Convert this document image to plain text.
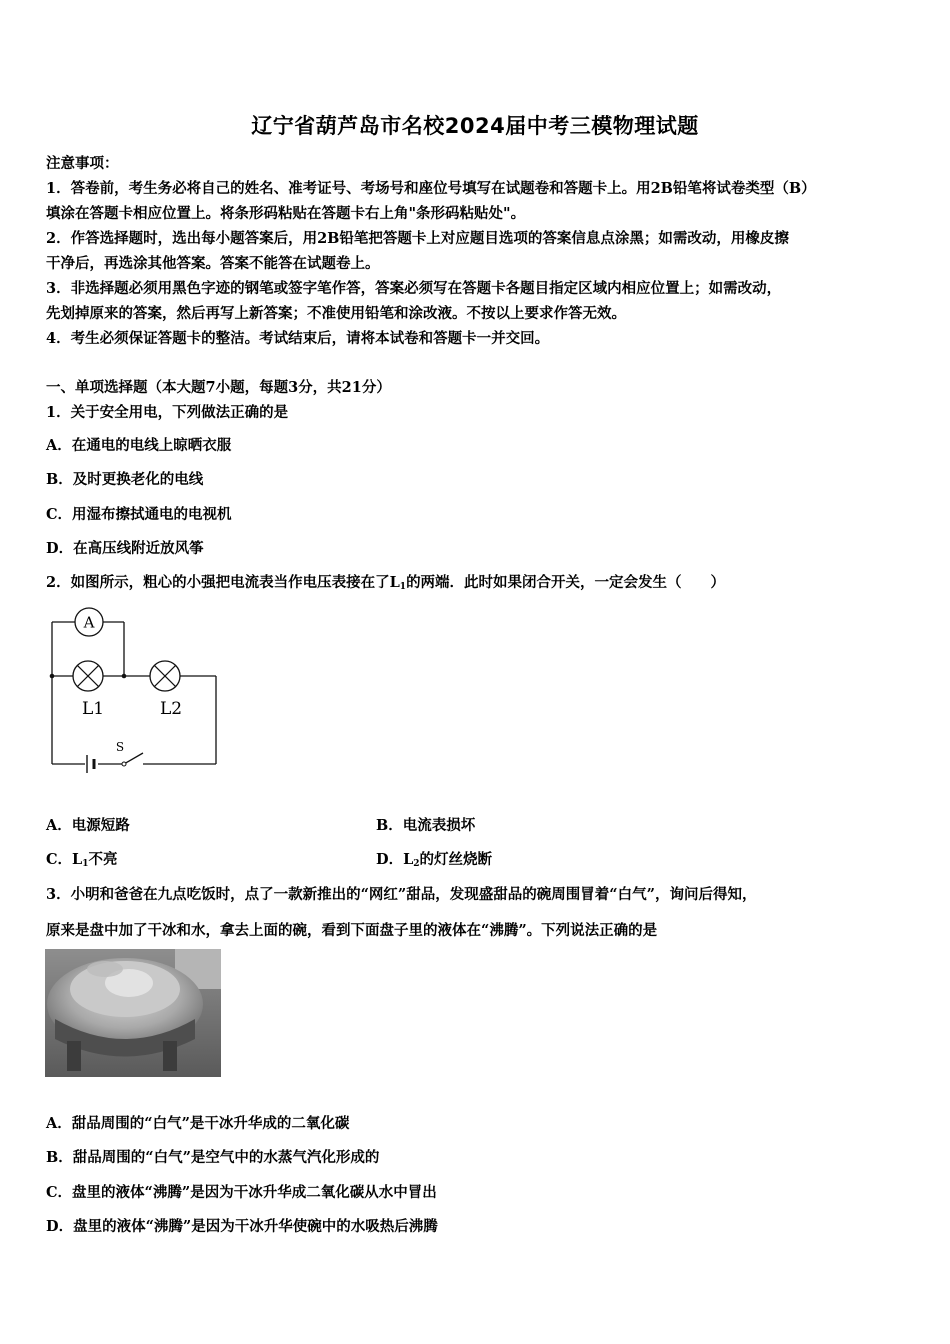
辽宁省葫芦岛市名校2024届中考三模物理试题
注意事项：
1．答卷前，考生务必将自己的姓名、准考证号、考场号和座位号填写在试题卷和答题卡上。用2B铅笔将试卷类型（B）
填涂在答题卡相应位置上。将条形码粘贴在答题卡右上角"条形码粘贴处"。
2．作答选择题时，选出每小题答案后，用2B铅笔把答题卡上对应题目选项的答案信息点涂黑；如需改动，用橡皮擦
干净后，再选涂其他答案。答案不能答在试题卷上。
3．非选择题必须用黑色字迹的钢笔或签字笔作答，答案必须写在答题卡各题目指定区域内相应位置上；如需改动，
先划掉原来的答案，然后再写上新答案；不准使用铅笔和涂改液。不按以上要求作答无效。
4．考生必须保证答题卡的整洁。考试结束后，请将本试卷和答题卡一并交回。
一、单项选择题（本大题7小题，每题3分，共21分）
1．关于安全用电，下列做法正确的是
A．在通电的电线上晾晒衣服
B．及时更换老化的电线
C．用湿布擦拭通电的电视机
D．在高压线附近放风筝
2．如图所示，粗心的小强把电流表当作电压表接在了$L_1$的两端．此时如果闭合开关，一定会发生（　　）
A
L1	L2
S
A．电源短路	B．电流表损坏
C．$L_1$不亮	D．$L_2$的灯丝烧断
3．小明和爸爸在九点吃饭时，点了一款新推出的“网红”甜品，发现盛甜品的碗周围冒着“白气”，询问后得知，
原来是盘中加了干冰和水，拿去上面的碗，看到下面盘子里的液体在“沸腾”。下列说法正确的是
A．甜品周围的“白气”是干冰升华成的二氧化碳
B．甜品周围的“白气”是空气中的水蒸气汽化形成的
C．盘里的液体“沸腾”是因为干冰升华成二氧化碳从水中冒出
D．盘里的液体“沸腾”是因为干冰升华使碗中的水吸热后沸腾
